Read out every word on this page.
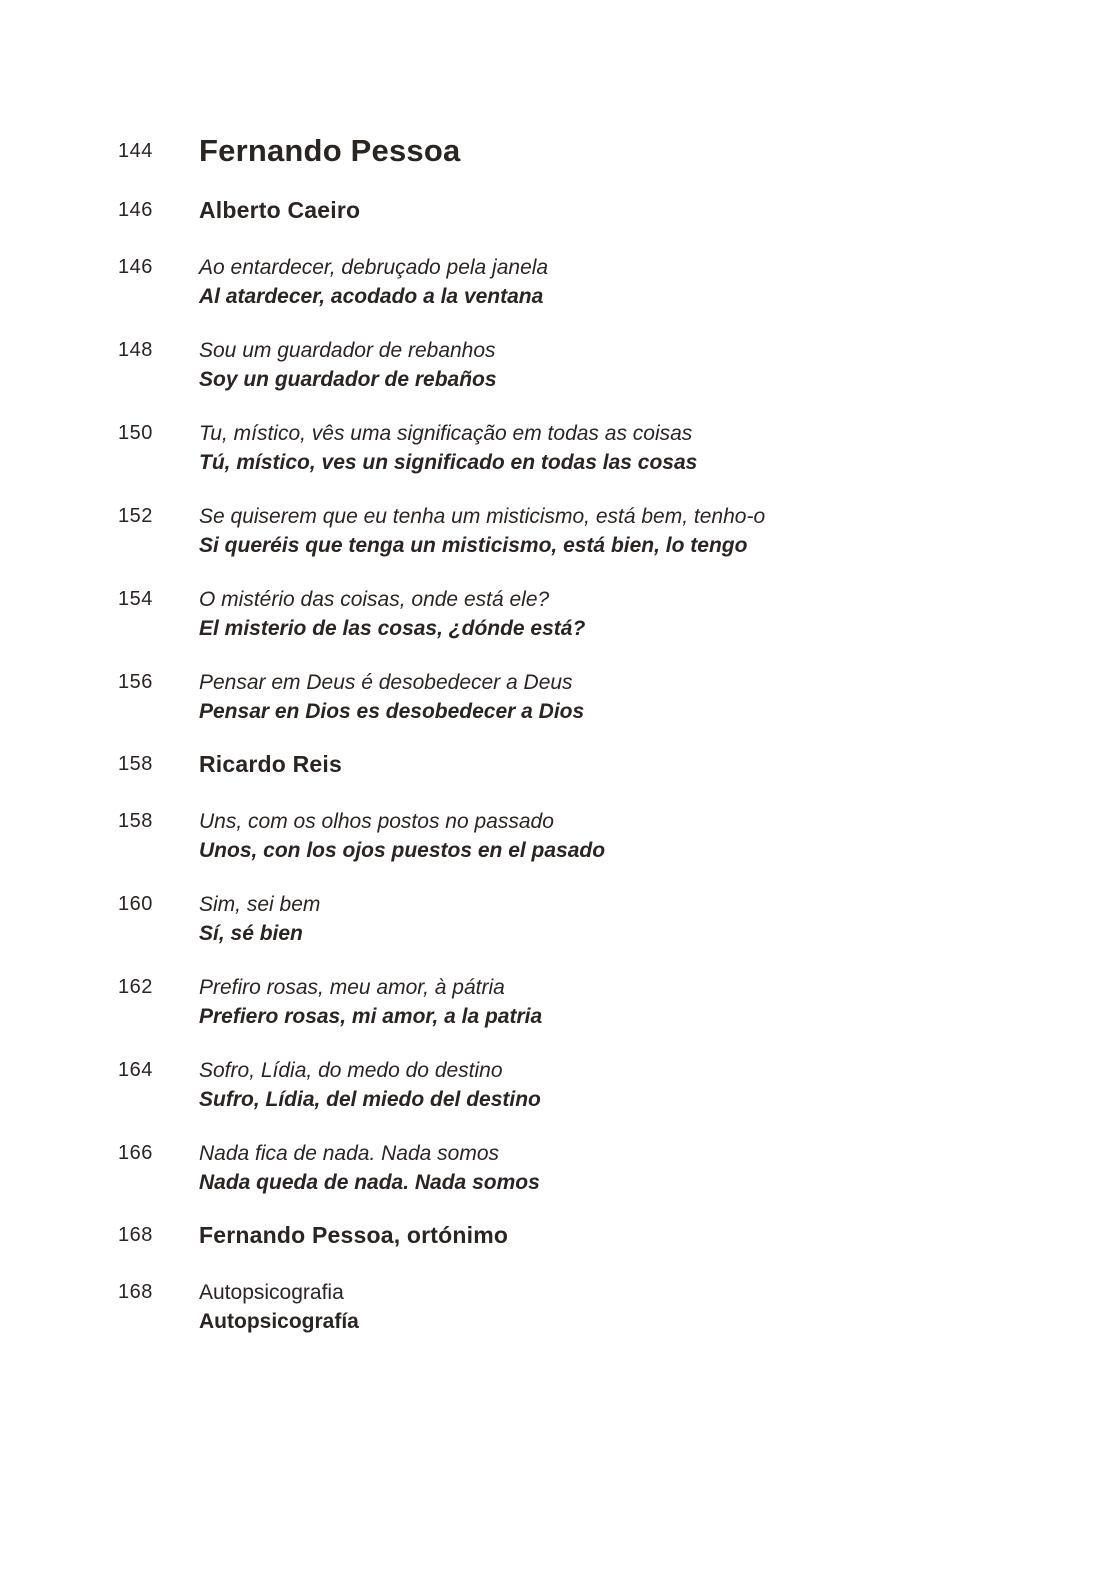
144	Fernando Pessoa
146	Alberto Caeiro
146	Ao entardecer, debruçado pela janela
Al atardecer, acodado a la ventana
148	Sou um guardador de rebanhos
Soy un guardador de rebaños
150	Tu, místico, vês uma significação em todas as coisas
Tú, místico, ves un significado en todas las cosas
152	Se quiserem que eu tenha um misticismo, está bem, tenho-o
Si queréis que tenga un misticismo, está bien, lo tengo
154	O mistério das coisas, onde está ele?
El misterio de las cosas, ¿dónde está?
156	Pensar em Deus é desobedecer a Deus
Pensar en Dios es desobedecer a Dios
158	Ricardo Reis
158	Uns, com os olhos postos no passado
Unos, con los ojos puestos en el pasado
160	Sim, sei bem
Sí, sé bien
162	Prefiro rosas, meu amor, à pátria
Prefiero rosas, mi amor, a la patria
164	Sofro, Lídia, do medo do destino
Sufro, Lídia, del miedo del destino
166	Nada fica de nada. Nada somos
Nada queda de nada. Nada somos
168	Fernando Pessoa, ortónimo
168	Autopsicografia
Autopsicografía
